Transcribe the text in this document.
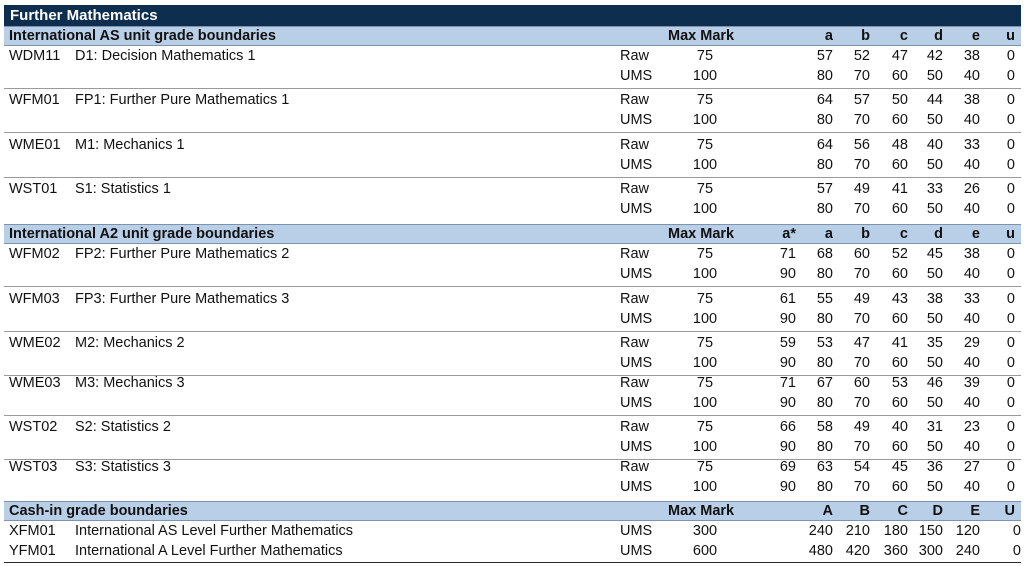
Further Mathematics
International AS unit grade boundaries	Max Mark	a	b	c	d	e	u
WDM11 D1: Decision Mathematics 1	Raw	75	57	52	47	42	38	0
UMS	100	80	70	60	50	40	0
WFM01 FP1: Further Pure Mathematics 1	Raw	75	64	57	50	44	38	0
UMS	100	80	70	60	50	40	0
WME01 M1: Mechanics 1	Raw	75	64	56	48	40	33	0
UMS	100	80	70	60	50	40	0
WST01 S1: Statistics 1	Raw	75	57	49	41	33	26	0
UMS	100	80	70	60	50	40	0
International A2 unit grade boundaries	Max Mark	a*	a	b	c	d	e	u
WFM02 FP2: Further Pure Mathematics 2	Raw	75	71	68	60	52	45	38	0
UMS	100	90	80	70	60	50	40	0
WFM03 FP3: Further Pure Mathematics 3	Raw	75	61	55	49	43	38	33	0
UMS	100	90	80	70	60	50	40	0
WME02 M2: Mechanics 2	Raw	75	59	53	47	41	35	29	0
UMS	100	90	80	70	60	50	40	0
WME03 M3: Mechanics 3	Raw	75	71	67	60	53	46	39	0
UMS	100	90	80	70	60	50	40	0
WST02 S2: Statistics 2	Raw	75	66	58	49	40	31	23	0
UMS	100	90	80	70	60	50	40	0
WST03 S3: Statistics 3	Raw	75	69	63	54	45	36	27	0
UMS	100	90	80	70	60	50	40	0
Cash-in grade boundaries	Max Mark	A	B	C	D	E	U
XFM01 International AS Level Further Mathematics	UMS	300	240 210 180 150 120	0
YFM01 International A Level Further Mathematics	UMS	600	480 420 360 300 240	0
